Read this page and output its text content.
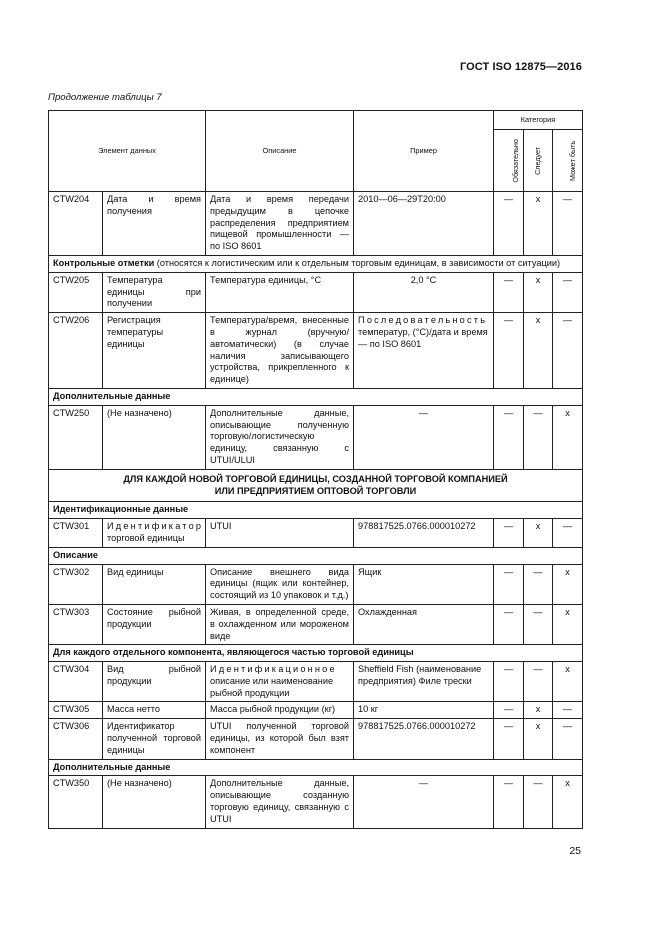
ГОСТ ISO 12875—2016
Продолжение таблицы 7
Элемент данных		Описание	Пример	Категория		
				Обязательно	Следует	Может быть
CTW204	Дата и время получения	Дата и время передачи предыдущим в цепочке распределения предприятием пищевой промышленности — по ISO 8601	2010—06—29T20:00	—	x	—
Контрольные отметки (относятся к логистическим или к отдельным торговым единицам, в зависимости от ситуации)						
CTW205	Температура единицы при получении	Температура единицы, °С	2,0 °С	—	x	—
CTW206	Регистрация температуры единицы	Температура/время, внесенные в журнал (вручную/автоматически) (в случае наличия записывающего устройства, прикрепленного к единице)	Последовательность температур, (°С)/дата и время — по ISO 8601	—	x	—
Дополнительные данные						
CTW250	(Не назначено)	Дополнительные данные, описывающие полученную торговую/логистическую единицу, связанную с UTUI/ULUI	—	—	—	x
ДЛЯ КАЖДОЙ НОВОЙ ТОРГОВОЙ ЕДИНИЦЫ, СОЗДАННОЙ ТОРГОВОЙ КОМПАНИЕЙ
ИЛИ ПРЕДПРИЯТИЕМ ОПТОВОЙ ТОРГОВЛИ						
Идентификационные данные						
CTW301	Идентификатор торговой единицы	UTUI	978817525.0766.000010272	—	x	—
Описание						
CTW302	Вид единицы	Описание внешнего вида единицы (ящик или контейнер, состоящий из 10 упаковок и т.д.)	Ящик	—	—	x
CTW303	Состояние рыбной продукции	Живая, в определенной среде, в охлажденном или мороженом виде	Охлажденная	—	—	x
Для каждого отдельного компонента, являющегося частью торговой единицы						
CTW304	Вид рыбной продукции	Идентификационное описание или наименование рыбной продукции	Sheffield Fish (наименование предприятия) Филе трески	—	—	x
CTW305	Масса нетто	Масса рыбной продукции (кг)	10 кг	—	x	—
CTW306	Идентификатор полученной торговой единицы	UTUI полученной торговой единицы, из которой был взят компонент	978817525.0766.000010272	—	x	—
Дополнительные данные						
CTW350	(Не назначено)	Дополнительные данные, описывающие созданную торговую единицу, связанную с UTUI	—	—	—	x
25
